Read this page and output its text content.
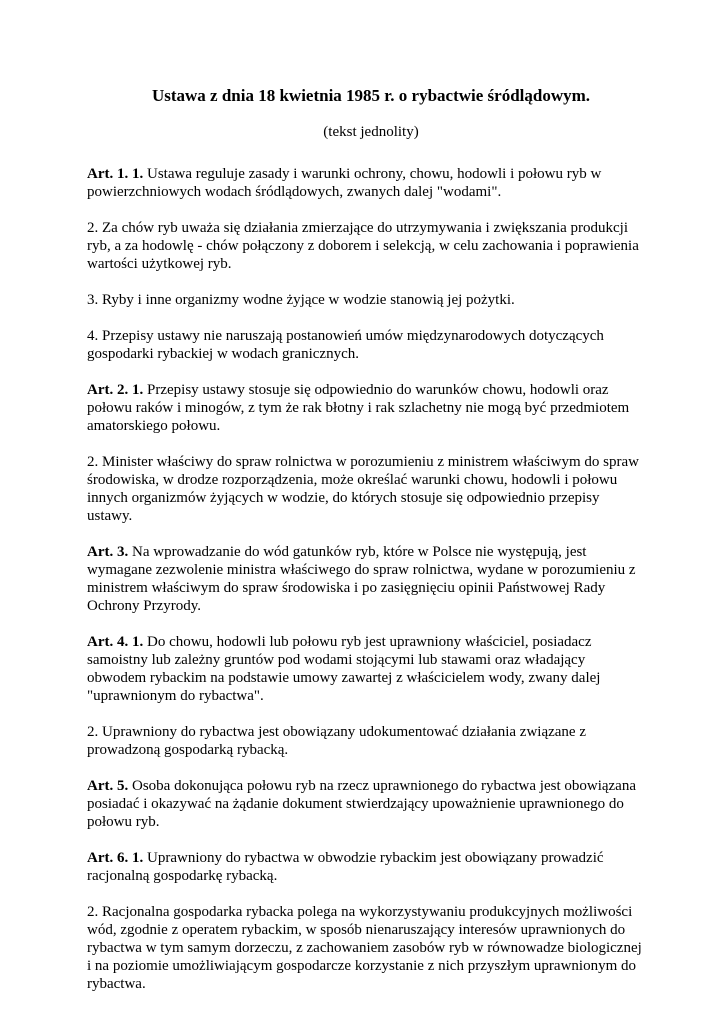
Ustawa z dnia 18 kwietnia 1985 r. o rybactwie śródlądowym.

(tekst jednolity)

Art. 1. 1. Ustawa reguluje zasady i warunki ochrony, chowu, hodowli i połowu ryb w powierzchniowych wodach śródlądowych, zwanych dalej "wodami".

2. Za chów ryb uważa się działania zmierzające do utrzymywania i zwiększania produkcji ryb, a za hodowlę - chów połączony z doborem i selekcją, w celu zachowania i poprawienia wartości użytkowej ryb.

3. Ryby i inne organizmy wodne żyjące w wodzie stanowią jej pożytki.

4. Przepisy ustawy nie naruszają postanowień umów międzynarodowych dotyczących gospodarki rybackiej w wodach granicznych.

Art. 2. 1. Przepisy ustawy stosuje się odpowiednio do warunków chowu, hodowli oraz połowu raków i minogów, z tym że rak błotny i rak szlachetny nie mogą być przedmiotem amatorskiego połowu.

2. Minister właściwy do spraw rolnictwa w porozumieniu z ministrem właściwym do spraw środowiska, w drodze rozporządzenia, może określać warunki chowu, hodowli i połowu innych organizmów żyjących w wodzie, do których stosuje się odpowiednio przepisy ustawy.

Art. 3. Na wprowadzanie do wód gatunków ryb, które w Polsce nie występują, jest wymagane zezwolenie ministra właściwego do spraw rolnictwa, wydane w porozumieniu z ministrem właściwym do spraw środowiska i po zasięgnięciu opinii Państwowej Rady Ochrony Przyrody.

Art. 4. 1. Do chowu, hodowli lub połowu ryb jest uprawniony właściciel, posiadacz samoistny lub zależny gruntów pod wodami stojącymi lub stawami oraz władający obwodem rybackim na podstawie umowy zawartej z właścicielem wody, zwany dalej "uprawnionym do rybactwa".

2. Uprawniony do rybactwa jest obowiązany udokumentować działania związane z prowadzoną gospodarką rybacką.

Art. 5. Osoba dokonująca połowu ryb na rzecz uprawnionego do rybactwa jest obowiązana posiadać i okazywać na żądanie dokument stwierdzający upoważnienie uprawnionego do połowu ryb.

Art. 6. 1. Uprawniony do rybactwa w obwodzie rybackim jest obowiązany prowadzić racjonalną gospodarkę rybacką.

2. Racjonalna gospodarka rybacka polega na wykorzystywaniu produkcyjnych możliwości wód, zgodnie z operatem rybackim, w sposób nienaruszający interesów uprawnionych do rybactwa w tym samym dorzeczu, z zachowaniem zasobów ryb w równowadze biologicznej i na poziomie umożliwiającym gospodarcze korzystanie z nich przyszłym uprawnionym do rybactwa.
